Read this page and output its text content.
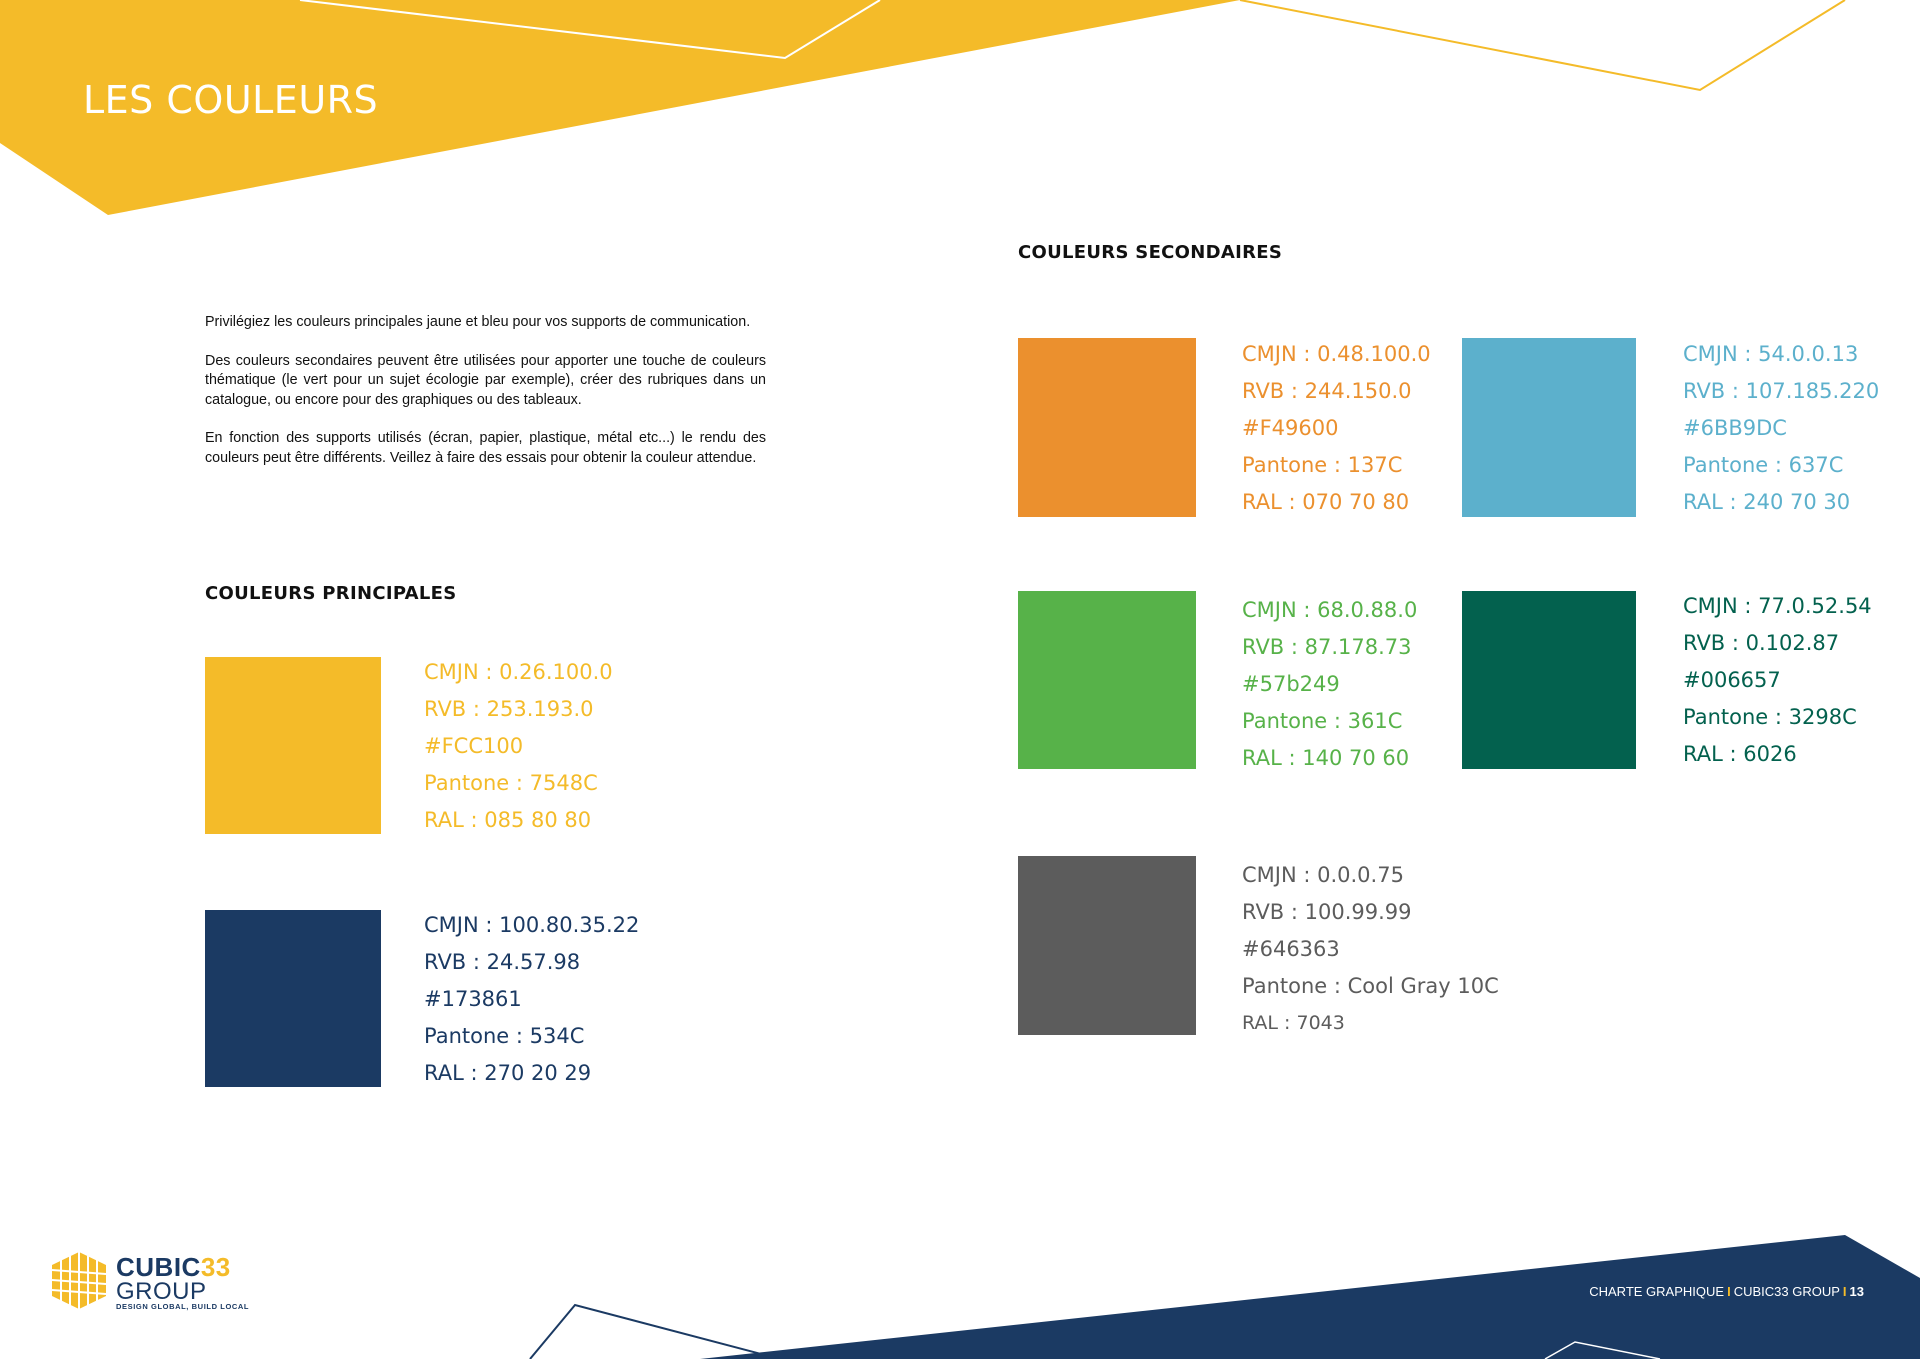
LES COULEURS

Privilégiez les couleurs principales jaune et bleu pour vos supports de communication.

Des couleurs secondaires peuvent être utilisées pour apporter une touche de couleurs thématique (le vert pour un sujet écologie par exemple), créer des rubriques dans un catalogue, ou encore pour des graphiques ou des tableaux.

En fonction des supports utilisés (écran, papier, plastique, métal etc...) le rendu des couleurs peut être différents. Veillez à faire des essais pour obtenir la couleur attendue.

COULEURS PRINCIPALES
CMJN : 0.26.100.0
RVB : 253.193.0
#FCC100
Pantone : 7548C
RAL : 085 80 80
CMJN : 100.80.35.22
RVB : 24.57.98
#173861
Pantone : 534C
RAL : 270 20 29
COULEURS SECONDAIRES
CMJN : 0.48.100.0
RVB : 244.150.0
#F49600
Pantone : 137C
RAL : 070 70 80
CMJN : 54.0.0.13
RVB : 107.185.220
#6BB9DC
Pantone : 637C
RAL : 240 70 30
CMJN : 68.0.88.0
RVB : 87.178.73
#57b249
Pantone : 361C
RAL : 140 70 60
CMJN : 77.0.52.54
RVB : 0.102.87
#006657
Pantone : 3298C
RAL : 6026
CMJN : 0.0.0.75
RVB : 100.99.99
#646363
Pantone : Cool Gray 10C
RAL : 7043
CUBIC33
GROUP
DESIGN GLOBAL, BUILD LOCAL
CHARTE GRAPHIQUE I CUBIC33 GROUP I 13
